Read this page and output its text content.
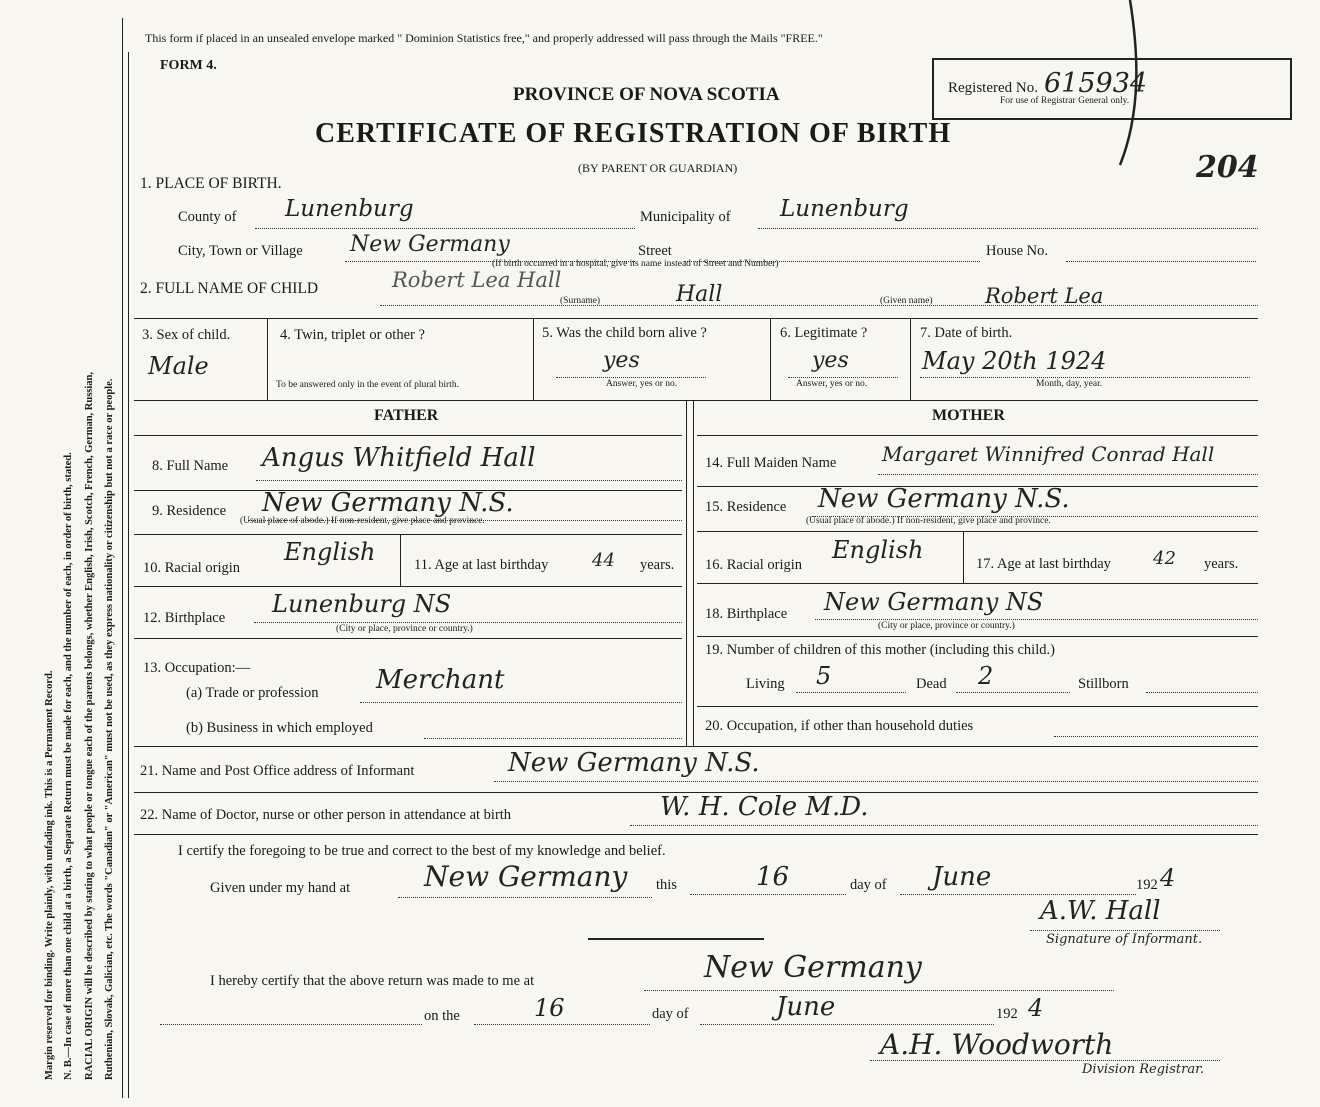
Margin reserved for binding. Write plainly, with unfading ink. This is a Permanent Record. N. B.—In case of more than one child at a birth, a Separate Return must be made for each, and the number of each, in order of birth, stated. RACIAL ORIGIN will be described by stating to what people or tongue each of the parents belongs, whether English, Irish, Scotch, French, German, Russian, Ruthenian, Slovak, Galician, etc. The words "Canadian" or "American" must not be used, as they express nationality or citizenship but not a race or people.
This form if placed in an unsealed envelope marked " Dominion Statistics free," and properly addressed will pass through the Mails "FREE."
FORM 4.
PROVINCE OF NOVA SCOTIA
CERTIFICATE OF REGISTRATION OF BIRTH
(BY PARENT OR GUARDIAN)
Registered No. 615934
For use of Registrar General only.
204
1. PLACE OF BIRTH.
County of Lunenburg	Municipality of Lunenburg
City, Town or Village New Germany	Street	House No.
(If birth occurred in a hospital, give its name instead of Street and Number)
2. FULL NAME OF CHILD	Robert Lea Hall
(Surname)	Hall	(Given name)	Robert Lea
3. Sex of child.
Male
4. Twin, triplet or other ?
To be answered only in the event of plural birth.
5. Was the child born alive ?
yes
Answer, yes or no.
6. Legitimate ?
yes
Answer, yes or no.
7. Date of birth.
May 20th 1924
Month, day, year.
FATHER	MOTHER
8. Full Name Angus Whitfield Hall
9. Residence New Germany N.S.
(Usual place of abode.) If non-resident, give place and province.
10. Racial origin
English	11. Age at last birthday 44 years.
12. Birthplace Lunenburg NS
(City or place, province or country.)
13. Occupation:—
(a) Trade or profession Merchant
(b) Business in which employed
14. Full Maiden Name Margaret Winnifred Conrad Hall
15. Residence New Germany N.S.
(Usual place of abode.) If non-resident, give place and province.
16. Racial origin
English	17. Age at last birthday 42 years.
18. Birthplace New Germany NS
(City or place, province or country.)
19. Number of children of this mother (including this child.)
Living 5	Dead 2	Stillborn
20. Occupation, if other than household duties
21. Name and Post Office address of Informant	New Germany N.S.
22. Name of Doctor, nurse or other person in attendance at birth	W. H. Cole M.D.
I certify the foregoing to be true and correct to the best of my knowledge and belief.
Given under my hand at	New Germany this	16	day of June	192 4
A.W. Hall
Signature of Informant.
I hereby certify that the above return was made to me at	New Germany
on the	16	day of	June	192 4
A.H. Woodworth
Division Registrar.
